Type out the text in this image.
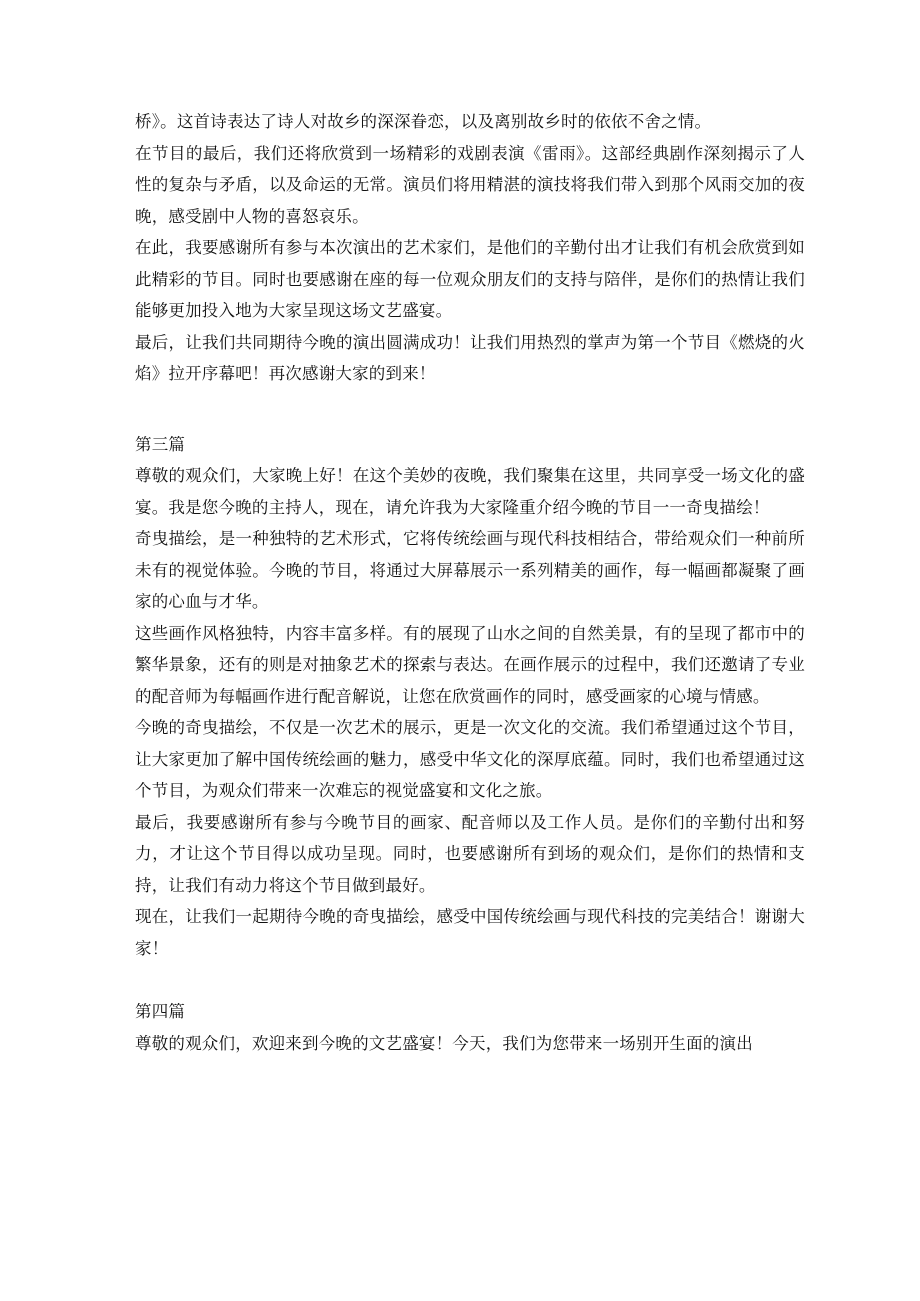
桥》。这首诗表达了诗人对故乡的深深眷恋，以及离别故乡时的依依不舍之情。

在节目的最后，我们还将欣赏到一场精彩的戏剧表演《雷雨》。这部经典剧作深刻揭示了人性的复杂与矛盾，以及命运的无常。演员们将用精湛的演技将我们带入到那个风雨交加的夜晚，感受剧中人物的喜怒哀乐。

在此，我要感谢所有参与本次演出的艺术家们，是他们的辛勤付出才让我们有机会欣赏到如此精彩的节目。同时也要感谢在座的每一位观众朋友们的支持与陪伴，是你们的热情让我们能够更加投入地为大家呈现这场文艺盛宴。

最后，让我们共同期待今晚的演出圆满成功！让我们用热烈的掌声为第一个节目《燃烧的火焰》拉开序幕吧！再次感谢大家的到来！

第三篇

尊敬的观众们，大家晚上好！在这个美妙的夜晚，我们聚集在这里，共同享受一场文化的盛宴。我是您今晚的主持人，现在，请允许我为大家隆重介绍今晚的节目一一奇曳描绘！

奇曳描绘，是一种独特的艺术形式，它将传统绘画与现代科技相结合，带给观众们一种前所未有的视觉体验。今晚的节目，将通过大屏幕展示一系列精美的画作，每一幅画都凝聚了画家的心血与才华。

这些画作风格独特，内容丰富多样。有的展现了山水之间的自然美景，有的呈现了都市中的繁华景象，还有的则是对抽象艺术的探索与表达。在画作展示的过程中，我们还邀请了专业的配音师为每幅画作进行配音解说，让您在欣赏画作的同时，感受画家的心境与情感。

今晚的奇曳描绘，不仅是一次艺术的展示，更是一次文化的交流。我们希望通过这个节目，让大家更加了解中国传统绘画的魅力，感受中华文化的深厚底蕴。同时，我们也希望通过这个节目，为观众们带来一次难忘的视觉盛宴和文化之旅。

最后，我要感谢所有参与今晚节目的画家、配音师以及工作人员。是你们的辛勤付出和努力，才让这个节目得以成功呈现。同时，也要感谢所有到场的观众们，是你们的热情和支持，让我们有动力将这个节目做到最好。

现在，让我们一起期待今晚的奇曳描绘，感受中国传统绘画与现代科技的完美结合！谢谢大家！

第四篇

尊敬的观众们，欢迎来到今晚的文艺盛宴！今天，我们为您带来一场别开生面的演出
